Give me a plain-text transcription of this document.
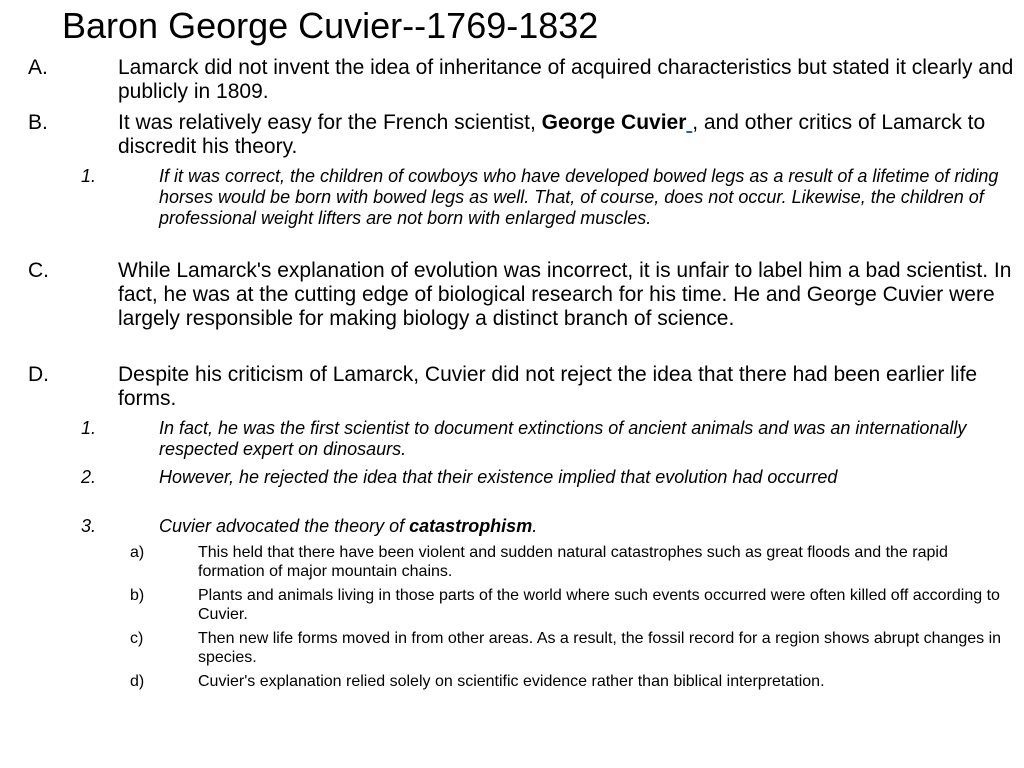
Baron George Cuvier--1769-1832
A.	Lamarck did not invent the idea of inheritance of acquired characteristics but stated it clearly and publicly in 1809.
B.	It was relatively easy for the French scientist, George Cuvier , and other critics of Lamarck to discredit his theory.
1.	If it was correct, the children of cowboys who have developed bowed legs as a result of a lifetime of riding horses would be born with bowed legs as well. That, of course, does not occur. Likewise, the children of professional weight lifters are not born with enlarged muscles.
C.	While Lamarck's explanation of evolution was incorrect, it is unfair to label him a bad scientist. In fact, he was at the cutting edge of biological research for his time. He and George Cuvier were largely responsible for making biology a distinct branch of science.
D.	Despite his criticism of Lamarck, Cuvier did not reject the idea that there had been earlier life forms.
1.	In fact, he was the first scientist to document extinctions of ancient animals and was an internationally respected expert on dinosaurs.
2.	However, he rejected the idea that their existence implied that evolution had occurred
3.	Cuvier advocated the theory of catastrophism.
a)	This held that there have been violent and sudden natural catastrophes such as great floods and the rapid formation of major mountain chains.
b)	Plants and animals living in those parts of the world where such events occurred were often killed off according to Cuvier.
c)	Then new life forms moved in from other areas. As a result, the fossil record for a region shows abrupt changes in species.
d)	Cuvier's explanation relied solely on scientific evidence rather than biblical interpretation.
